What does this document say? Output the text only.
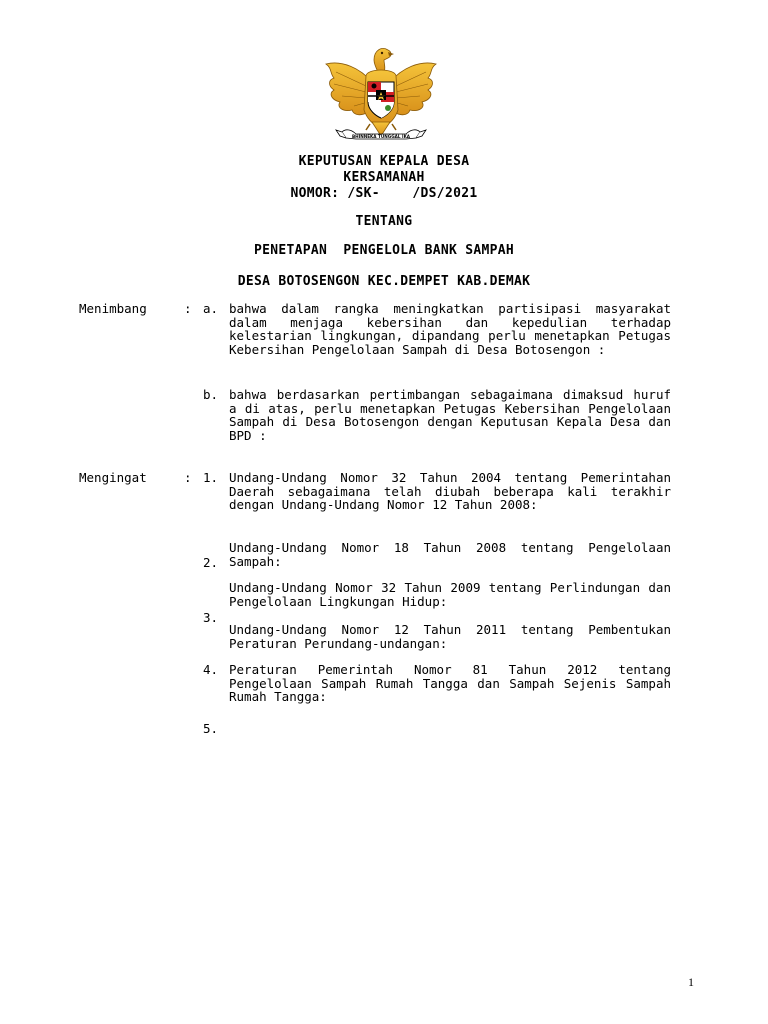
BHINNEKA TUNGGAL IKA
KEPUTUSAN KEPALA DESA
KERSAMANAH
NOMOR: /SK-    /DS/2021
TENTANG
PENETAPAN  PENGELOLA BANK SAMPAH
DESA BOTOSENGON KEC.DEMPET KAB.DEMAK
Menimbang	: a. bahwa dalam rangka meningkatkan partisipasi masyarakat dalam menjaga kebersihan dan kepedulian terhadap kelestarian lingkungan, dipandang perlu menetapkan Petugas Kebersihan Pengelolaan Sampah di Desa Botosengon :
b. bahwa berdasarkan pertimbangan sebagaimana dimaksud huruf a di atas, perlu menetapkan Petugas Kebersihan Pengelolaan Sampah di Desa Botosengon dengan Keputusan Kepala Desa dan BPD :
Mengingat	: 1.
2.
3.
4.
5.
Undang-Undang Nomor 32 Tahun 2004 tentang Pemerintahan Daerah sebagaimana telah diubah beberapa kali terakhir dengan Undang-Undang Nomor 12 Tahun 2008:
Undang-Undang Nomor 18 Tahun 2008 tentang Pengelolaan Sampah:
Undang-Undang Nomor 32 Tahun 2009 tentang Perlindungan dan Pengelolaan Lingkungan Hidup:
Undang-Undang Nomor 12 Tahun 2011 tentang Pembentukan Peraturan Perundang-undangan:
Peraturan Pemerintah Nomor 81 Tahun 2012 tentang Pengelolaan Sampah Rumah Tangga dan Sampah Sejenis Sampah Rumah Tangga:
1
